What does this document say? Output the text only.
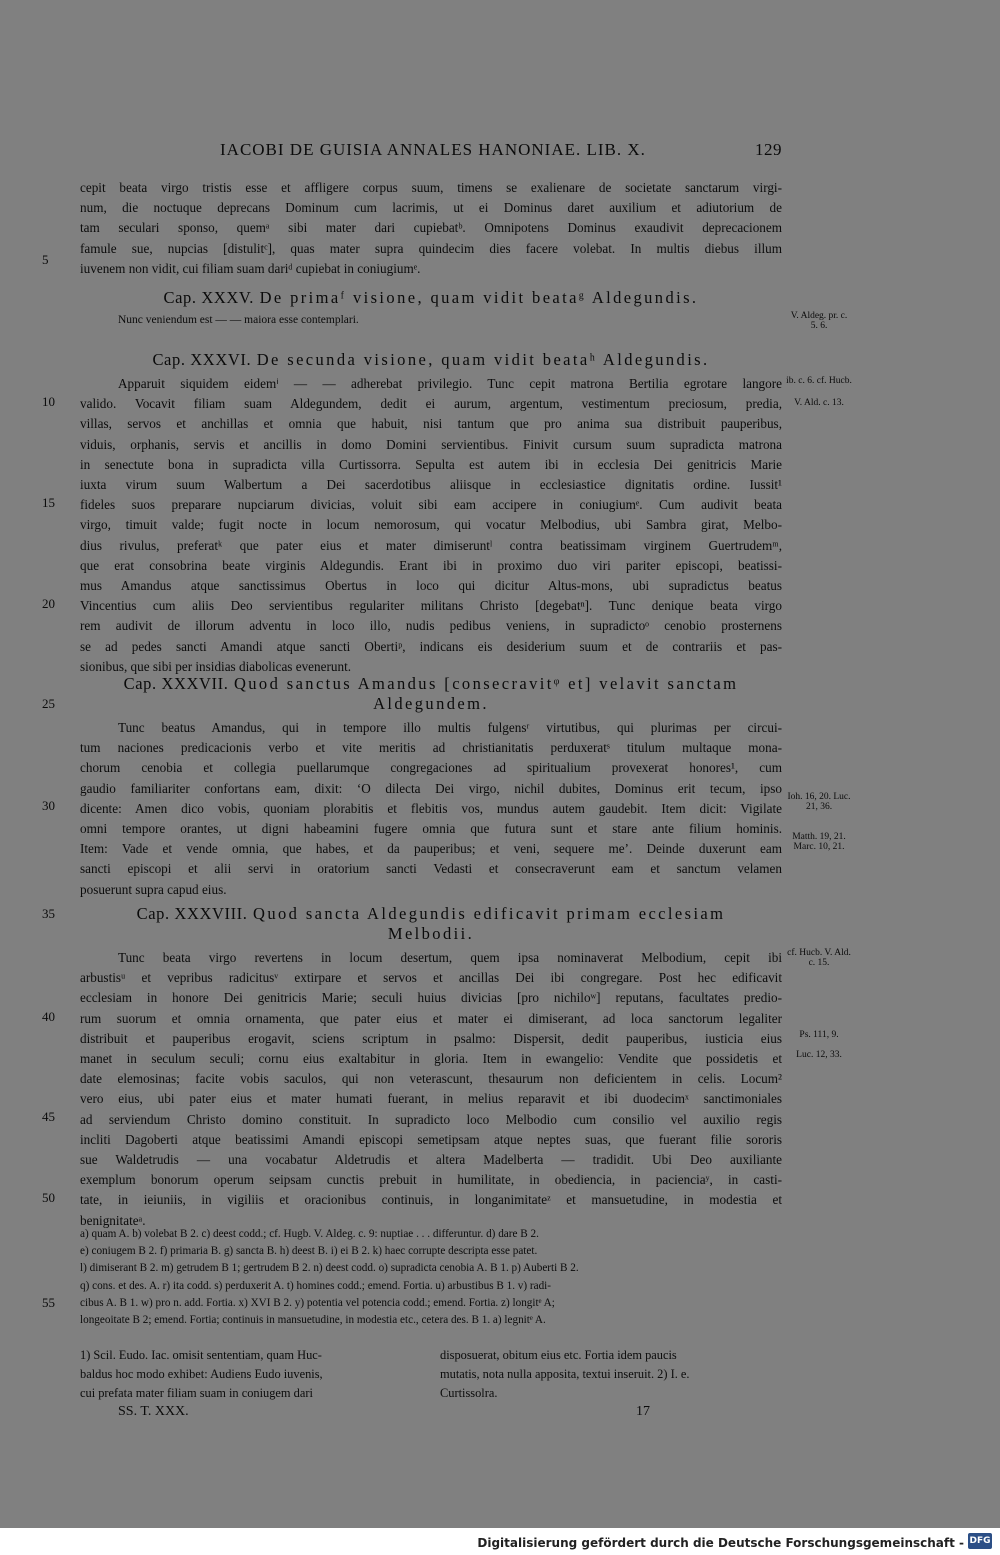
IACOBI DE GUISIA ANNALES HANONIAE. LIB. X.	129
cepit beata virgo tristis esse et affligere corpus suum, timens se exalienare de societate sanctarum virgi-
num, die noctuque deprecans Dominum cum lacrimis, ut ei Dominus daret auxilium et adiutorium de
tam seculari sponso, quemᵃ sibi mater dari cupiebatᵇ. Omnipotens Dominus exaudivit deprecacionem
famule sue, nupcias [distulitᶜ], quas mater supra quindecim dies facere volebat. In multis diebus illum
iuvenem non vidit, cui filiam suam dariᵈ cupiebat in coniugiumᵉ.
Cap. XXXV. De primaᶠ visione, quam vidit beataᵍ Aldegundis.
Nunc veniendum est — — maiora esse contemplari.	V. Aldeg. pr. c. 5. 6.
Cap. XXXVI. De secunda visione, quam vidit beataʰ Aldegundis.
ib. c. 6. cf. Hucb.
V. Ald. c. 13.
Apparuit siquidem eidemⁱ — — adherebat privilegio. Tunc cepit matrona Bertilia egrotare langore
valido. Vocavit filiam suam Aldegundem, dedit ei aurum, argentum, vestimentum preciosum, predia,
villas, servos et anchillas et omnia que habuit, nisi tantum que pro anima sua distribuit pauperibus,
viduis, orphanis, servis et ancillis in domo Domini servientibus. Finivit cursum suum supradicta matrona
in senectute bona in supradicta villa Curtissorra. Sepulta est autem ibi in ecclesia Dei genitricis Marie
iuxta virum suum Walbertum a Dei sacerdotibus aliisque in ecclesiastice dignitatis ordine. Iussit¹
fideles suos preparare nupciarum divicias, voluit sibi eam accipere in coniugiumᵉ. Cum audivit beata
virgo, timuit valde; fugit nocte in locum nemorosum, qui vocatur Melbodius, ubi Sambra girat, Melbo-
dius rivulus, preferatᵏ que pater eius et mater dimiseruntˡ contra beatissimam virginem Guertrudemᵐ,
que erat consobrina beate virginis Aldegundis. Erant ibi in proximo duo viri pariter episcopi, beatissi-
mus Amandus atque sanctissimus Obertus in loco qui dicitur Altus-mons, ubi supradictus beatus
Vincentius cum aliis Deo servientibus regulariter militans Christo [degebatⁿ]. Tunc denique beata virgo
rem audivit de illorum adventu in loco illo, nudis pedibus veniens, in supradictoᵒ cenobio prosternens
se ad pedes sancti Amandi atque sancti Obertiᵖ, indicans eis desiderium suum et de contrariis et pas-
sionibus, que sibi per insidias diabolicas evenerunt.
Cap. XXXVII. Quod sanctus Amandus [consecravitᵠ et] velavit sanctam
Aldegundem.
Tunc beatus Amandus, qui in tempore illo multis fulgensʳ virtutibus, qui plurimas per circui-
tum naciones predicacionis verbo et vite meritis ad christianitatis perduxeratˢ titulum multaque mona-
chorum cenobia et collegia puellarumque congregaciones ad spiritualium provexerat honores¹, cum
gaudio familiariter confortans eam, dixit: ‘O dilecta Dei virgo, nichil dubites, Dominus erit tecum, ipso
dicente: Amen dico vobis, quoniam plorabitis et flebitis vos, mundus autem gaudebit. Item dicit: Vigilate
omni tempore orantes, ut digni habeamini fugere omnia que futura sunt et stare ante filium hominis.
Item: Vade et vende omnia, que habes, et da pauperibus; et veni, sequere me’. Deinde duxerunt eam
sancti episcopi et alii servi in oratorium sancti Vedasti et consecraverunt eam et sanctum velamen
posuerunt supra capud eius.
Ioh. 16, 20. Luc. 21, 36.
Matth. 19, 21. Marc. 10, 21.
Cap. XXXVIII. Quod sancta Aldegundis edificavit primam ecclesiam
Melbodii.
Tunc beata virgo revertens in locum desertum, quem ipsa nominaverat Melbodium, cepit ibi
arbustisᵘ et vepribus radicitusᵛ extirpare et servos et ancillas Dei ibi congregare. Post hec edificavit
ecclesiam in honore Dei genitricis Marie; seculi huius divicias [pro nichiloʷ] reputans, facultates predio-
rum suorum et omnia ornamenta, que pater eius et mater ei dimiserant, ad loca sanctorum legaliter
distribuit et pauperibus erogavit, sciens scriptum in psalmo: Dispersit, dedit pauperibus, iusticia eius
manet in seculum seculi; cornu eius exaltabitur in gloria. Item in ewangelio: Vendite que possidetis et
date elemosinas; facite vobis saculos, qui non veterascunt, thesaurum non deficientem in celis. Locum²
vero eius, ubi pater eius et mater humati fuerant, in melius reparavit et ibi duodecimˣ sanctimoniales
ad serviendum Christo domino constituit. In supradicto loco Melbodio cum consilio vel auxilio regis
incliti Dagoberti atque beatissimi Amandi episcopi semetipsam atque neptes suas, que fuerant filie sororis
sue Waldetrudis — una vocabatur Aldetrudis et altera Madelberta — tradidit. Ubi Deo auxiliante
exemplum bonorum operum seipsam cunctis prebuit in humilitate, in obediencia, in pacienciaʸ, in casti-
tate, in ieiuniis, in vigiliis et oracionibus continuis, in longanimitateᶻ et mansuetudine, in modestia et
benignitateᵃ.
cf. Hucb. V. Ald. c. 15.
Ps. 111, 9.
Luc. 12, 33.
5
10
15
20
25
30
35
40
45
50
55
a) quam A. b) volebat B 2. c) deest codd.; cf. Hugb. V. Aldeg. c. 9: nuptiae . . . differuntur. d) dare B 2.
e) coniugem B 2. f) primaria B. g) sancta B. h) deest B. i) ei B 2. k) haec corrupte descripta esse patet.
l) dimiserant B 2. m) getrudem B 1; gertrudem B 2. n) deest codd. o) supradicta cenobia A. B 1. p) Auberti B 2.
q) cons. et des. A. r) ita codd. s) perduxerit A. t) homines codd.; emend. Fortia. u) arbustibus B 1. v) radi-
cibus A. B 1. w) pro n. add. Fortia. x) XVI B 2. y) potentia vel potencia codd.; emend. Fortia. z) longitᵉ A;
longeoitate B 2; emend. Fortia; continuis in mansuetudine, in modestia etc., cetera des. B 1. a) legnitᵉ A.
1) Scil. Eudo. Iac. omisit sententiam, quam Huc-
baldus hoc modo exhibet: Audiens Eudo iuvenis,
cui prefata mater filiam suam in coniugem dari
disposuerat, obitum eius etc. Fortia idem paucis
mutatis, nota nulla apposita, textui inseruit. 2) I. e.
Curtissolra.
SS. T. XXX.	17
Digitalisierung gefördert durch die Deutsche Forschungsgemeinschaft - DFG
